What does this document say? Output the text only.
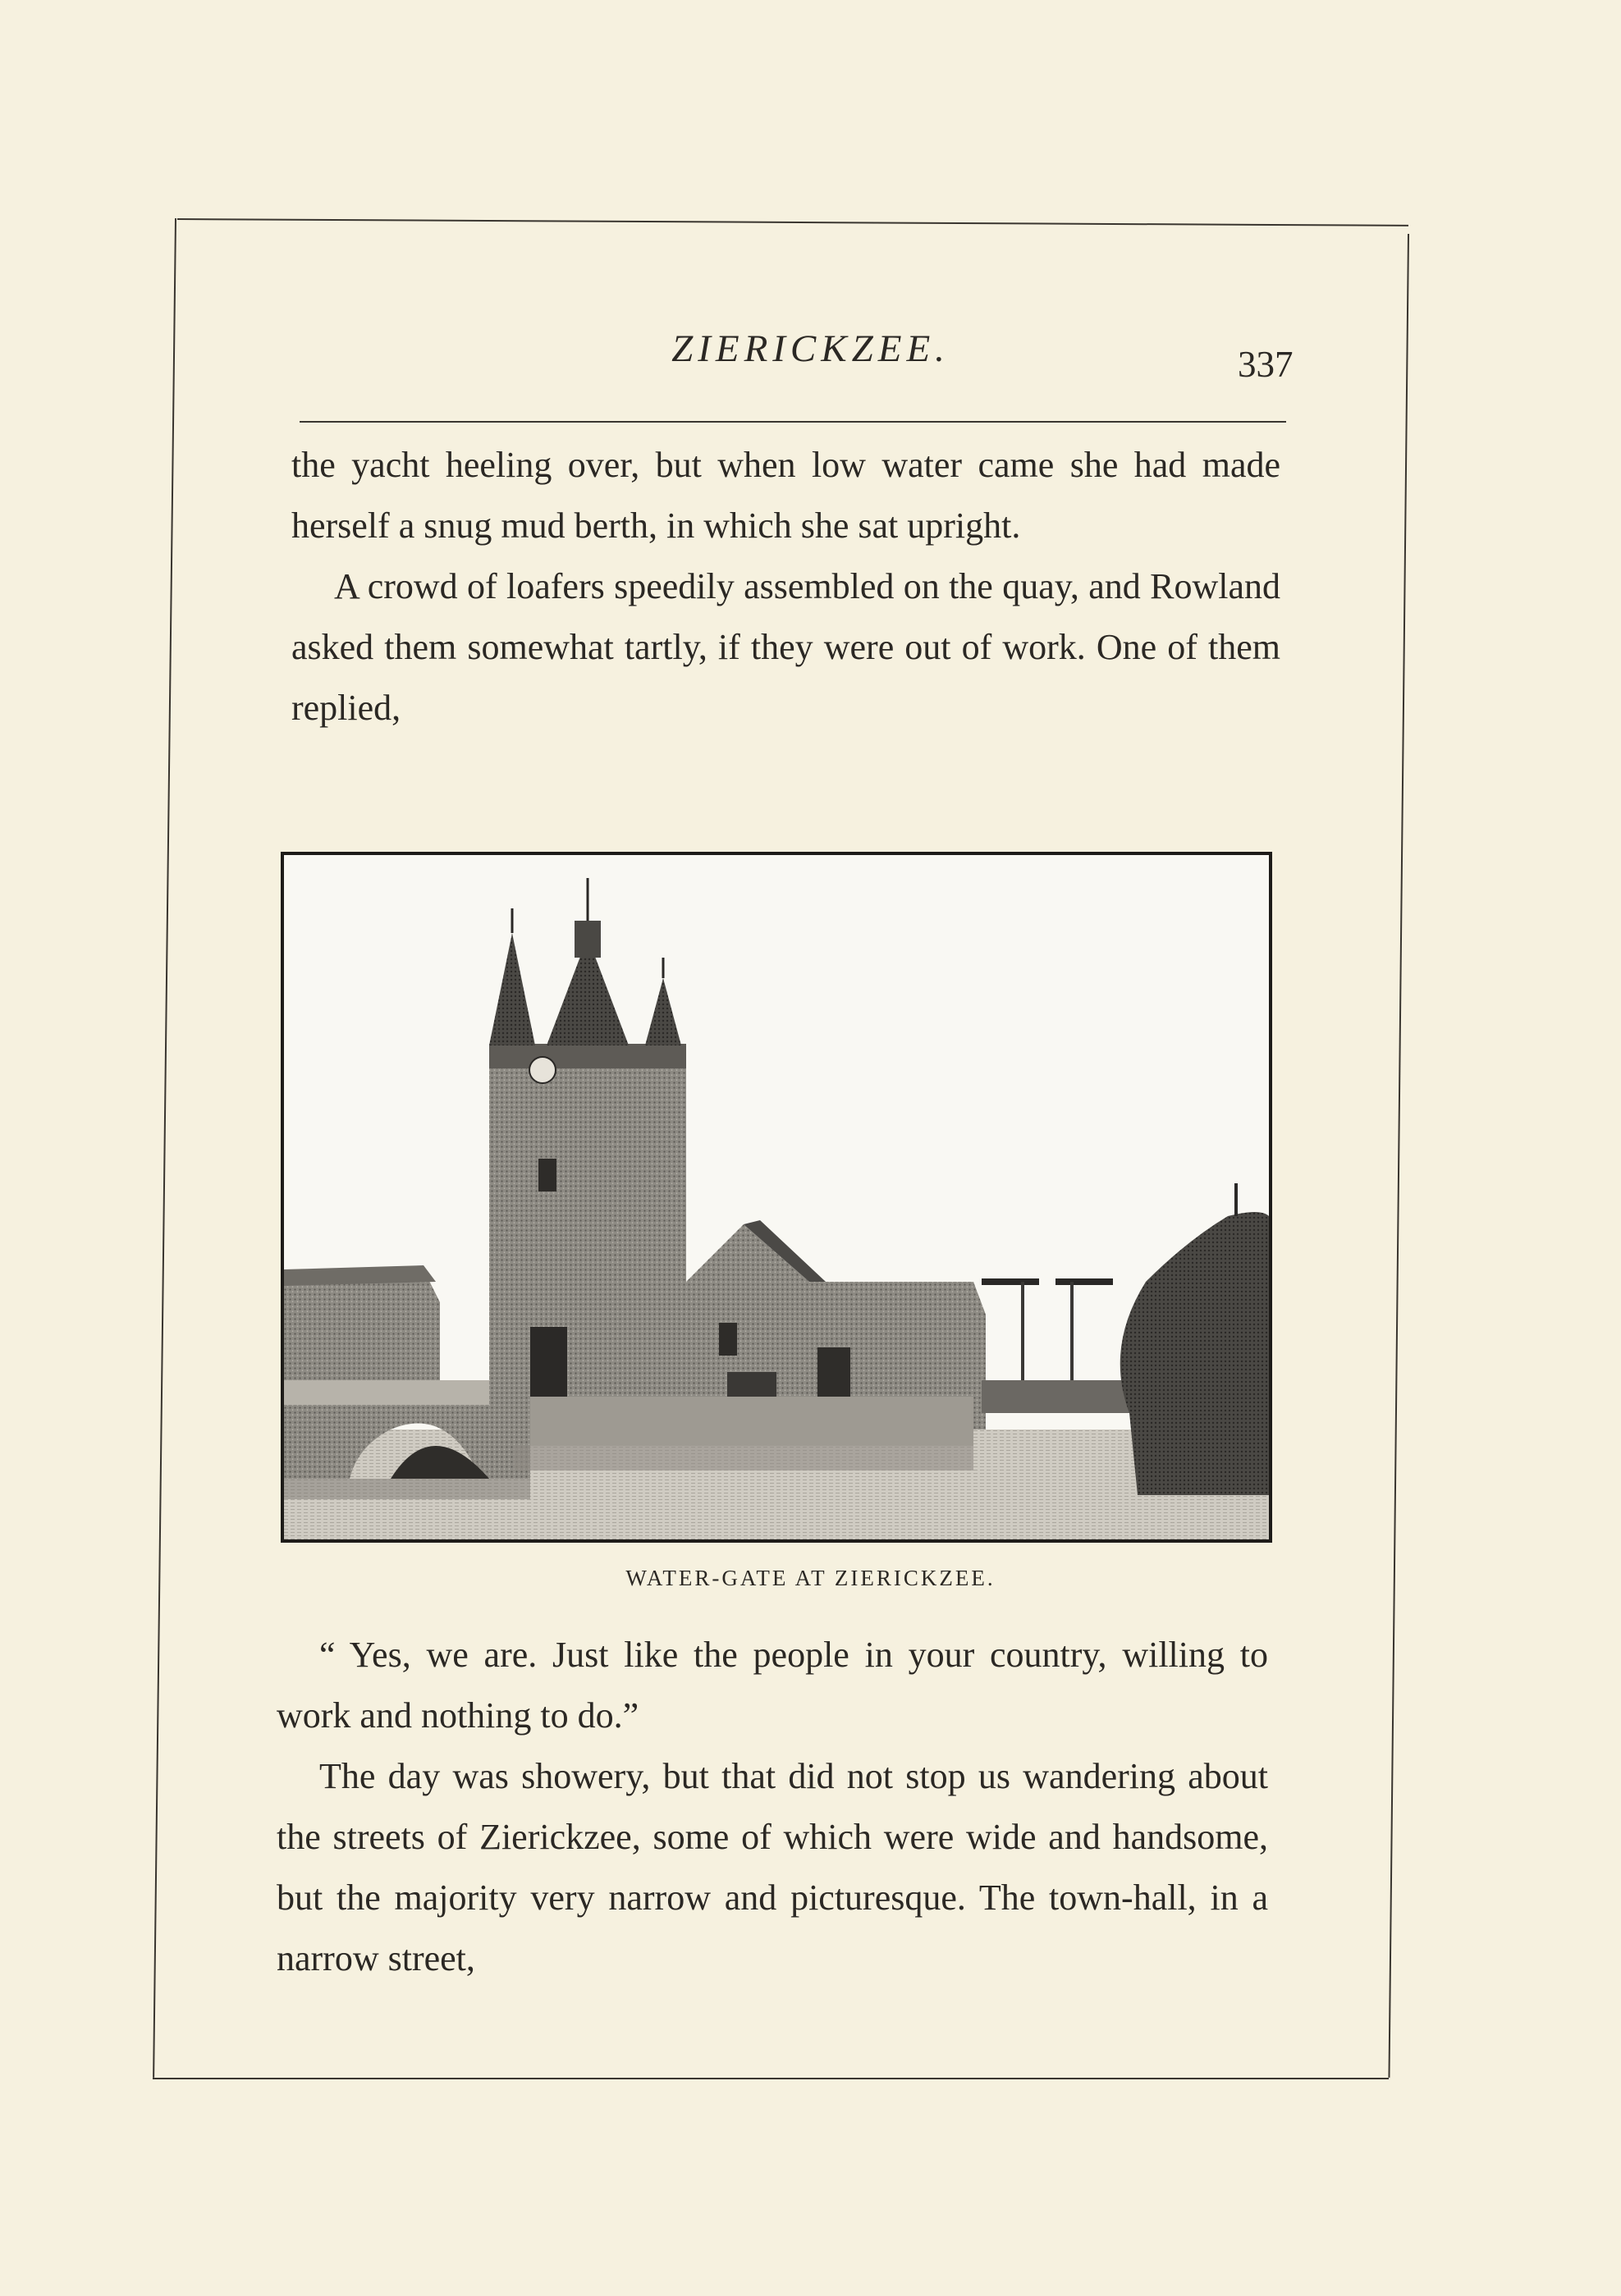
ZIERICKZEE.	337

the yacht heeling over, but when low water came she had made herself a snug mud berth, in which she sat upright.

A crowd of loafers speedily assembled on the quay, and Rowland asked them somewhat tartly, if they were out of work. One of them replied,

WATER-GATE AT ZIERICKZEE.

“ Yes, we are. Just like the people in your country, willing to work and nothing to do.”

The day was showery, but that did not stop us wandering about the streets of Zierickzee, some of which were wide and handsome, but the majority very narrow and picturesque. The town-hall, in a narrow street,
